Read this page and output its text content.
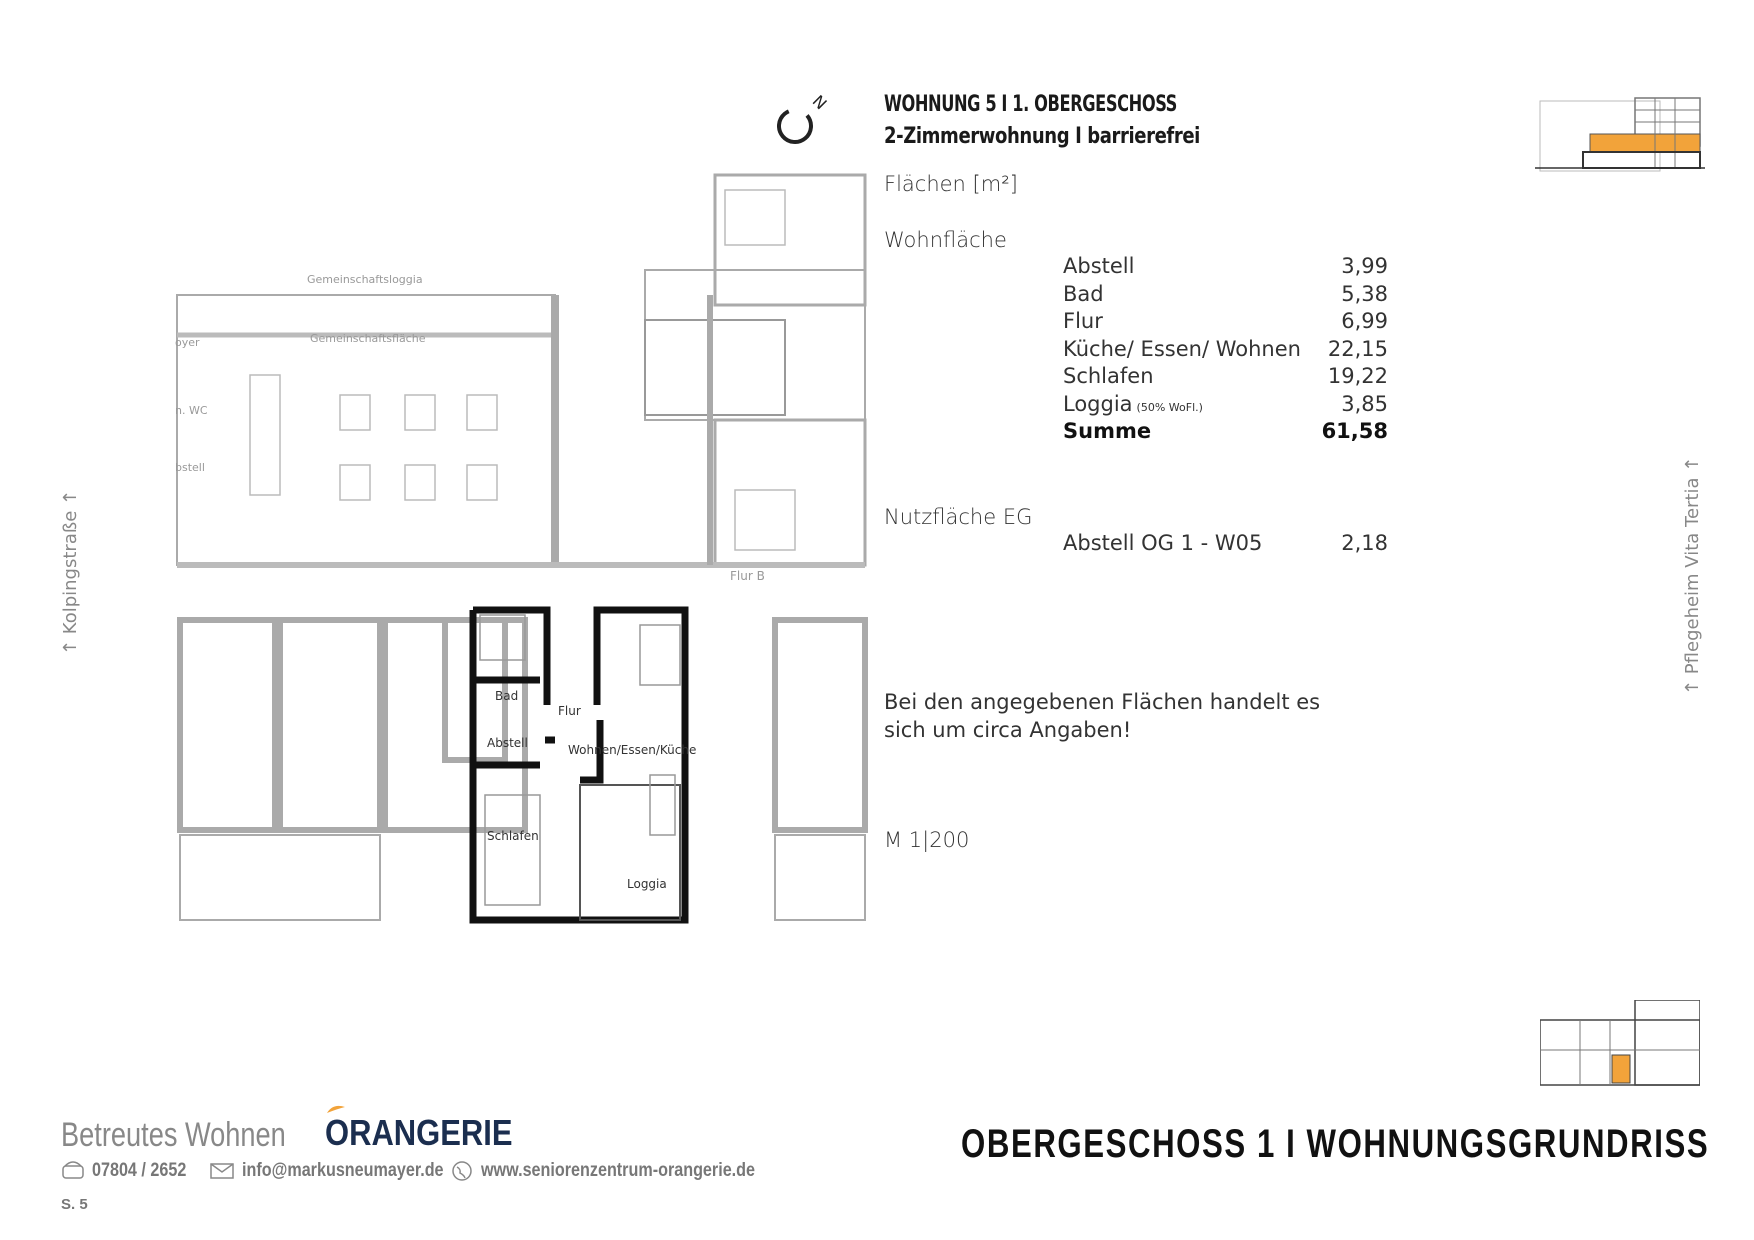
N WOHNUNG 5 I 1. OBERGESCHOSS
2-Zimmerwohnung I barrierefrei
Flächen [m²]
Wohnfläche
Abstell	3,99
Bad	5,38
Flur	6,99
Küche/ Essen/ Wohnen 22,15
Schlafen	19,22
Loggia (50% WoFl.)	3,85
Summe	61,58
Nutzfläche EG
Abstell OG 1 - W05	2,18
Bei den angegebenen Flächen handelt es sich um circa Angaben!
M 1|200
↑ Kolpingstraße ↑	↑ Pflegeheim Vita Tertia ↑
Gemeinschaftsloggia
Gemeinschaftsfläche
oyer
n. WC
bstell
Flur B
Bad
Flur
Abstell	Wohnen/Essen/Küche
Schlafen
Loggia
Betreutes Wohnen ORANGERIE
07804 / 2652	info@markusneumayer.de www.seniorenzentrum-orangerie.de
S. 5
OBERGESCHOSS 1 I WOHNUNGSGRUNDRISS
